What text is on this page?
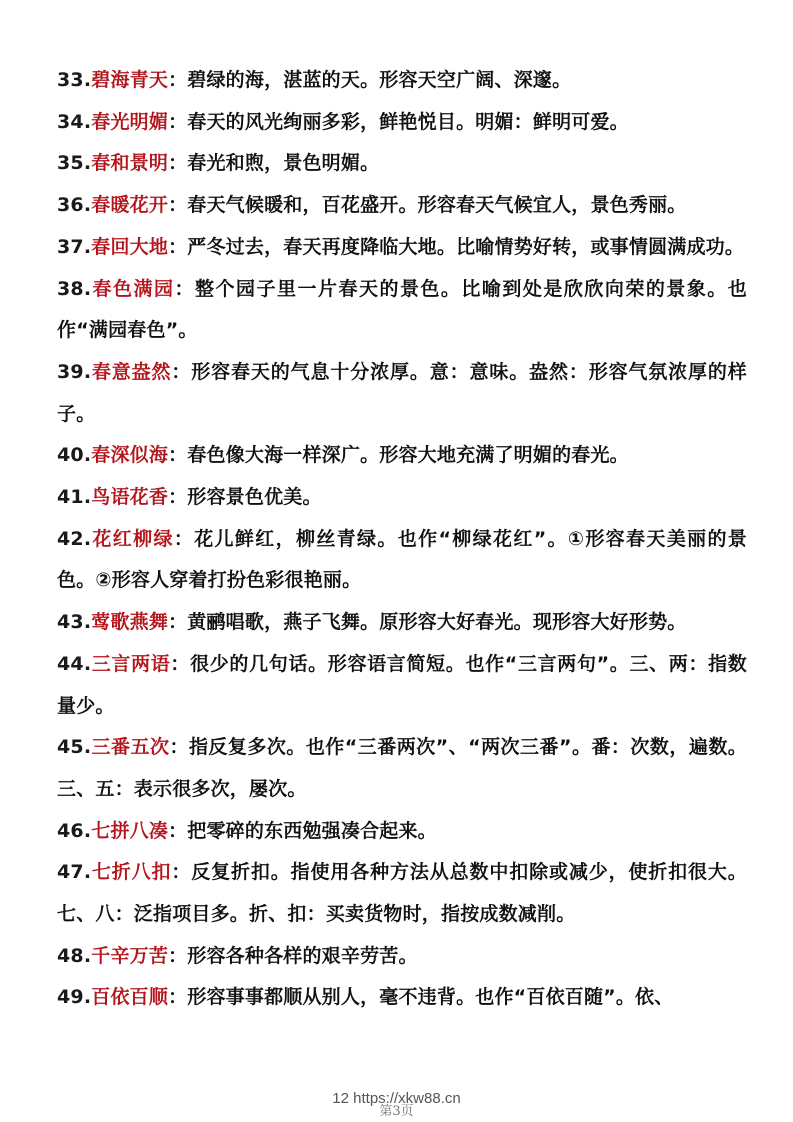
33.碧海青天：碧绿的海，湛蓝的天。形容天空广阔、深邃。
34.春光明媚：春天的风光绚丽多彩，鲜艳悦目。明媚：鲜明可爱。
35.春和景明：春光和煦，景色明媚。
36.春暖花开：春天气候暖和，百花盛开。形容春天气候宜人，景色秀丽。
37.春回大地：严冬过去，春天再度降临大地。比喻情势好转，或事情圆满成功。
38.春色满园：整个园子里一片春天的景色。比喻到处是欣欣向荣的景象。也作“满园春色”。
39.春意盎然：形容春天的气息十分浓厚。意：意味。盎然：形容气氛浓厚的样子。
40.春深似海：春色像大海一样深广。形容大地充满了明媚的春光。
41.鸟语花香：形容景色优美。
42.花红柳绿：花儿鲜红，柳丝青绿。也作“柳绿花红”。①形容春天美丽的景色。②形容人穿着打扮色彩很艳丽。
43.莺歌燕舞：黄鹂唱歌，燕子飞舞。原形容大好春光。现形容大好形势。
44.三言两语：很少的几句话。形容语言简短。也作“三言两句”。三、两：指数量少。
45.三番五次：指反复多次。也作“三番两次”、“两次三番”。番：次数，遍数。三、五：表示很多次，屡次。
46.七拼八凑：把零碎的东西勉强凑合起来。
47.七折八扣：反复折扣。指使用各种方法从总数中扣除或减少，使折扣很大。七、八：泛指项目多。折、扣：买卖货物时，指按成数减削。
48.千辛万苦：形容各种各样的艰辛劳苦。
49.百依百顺：形容事事都顺从别人，毫不违背。也作“百依百随”。依、
12 https://xkw88.cn
第3页
